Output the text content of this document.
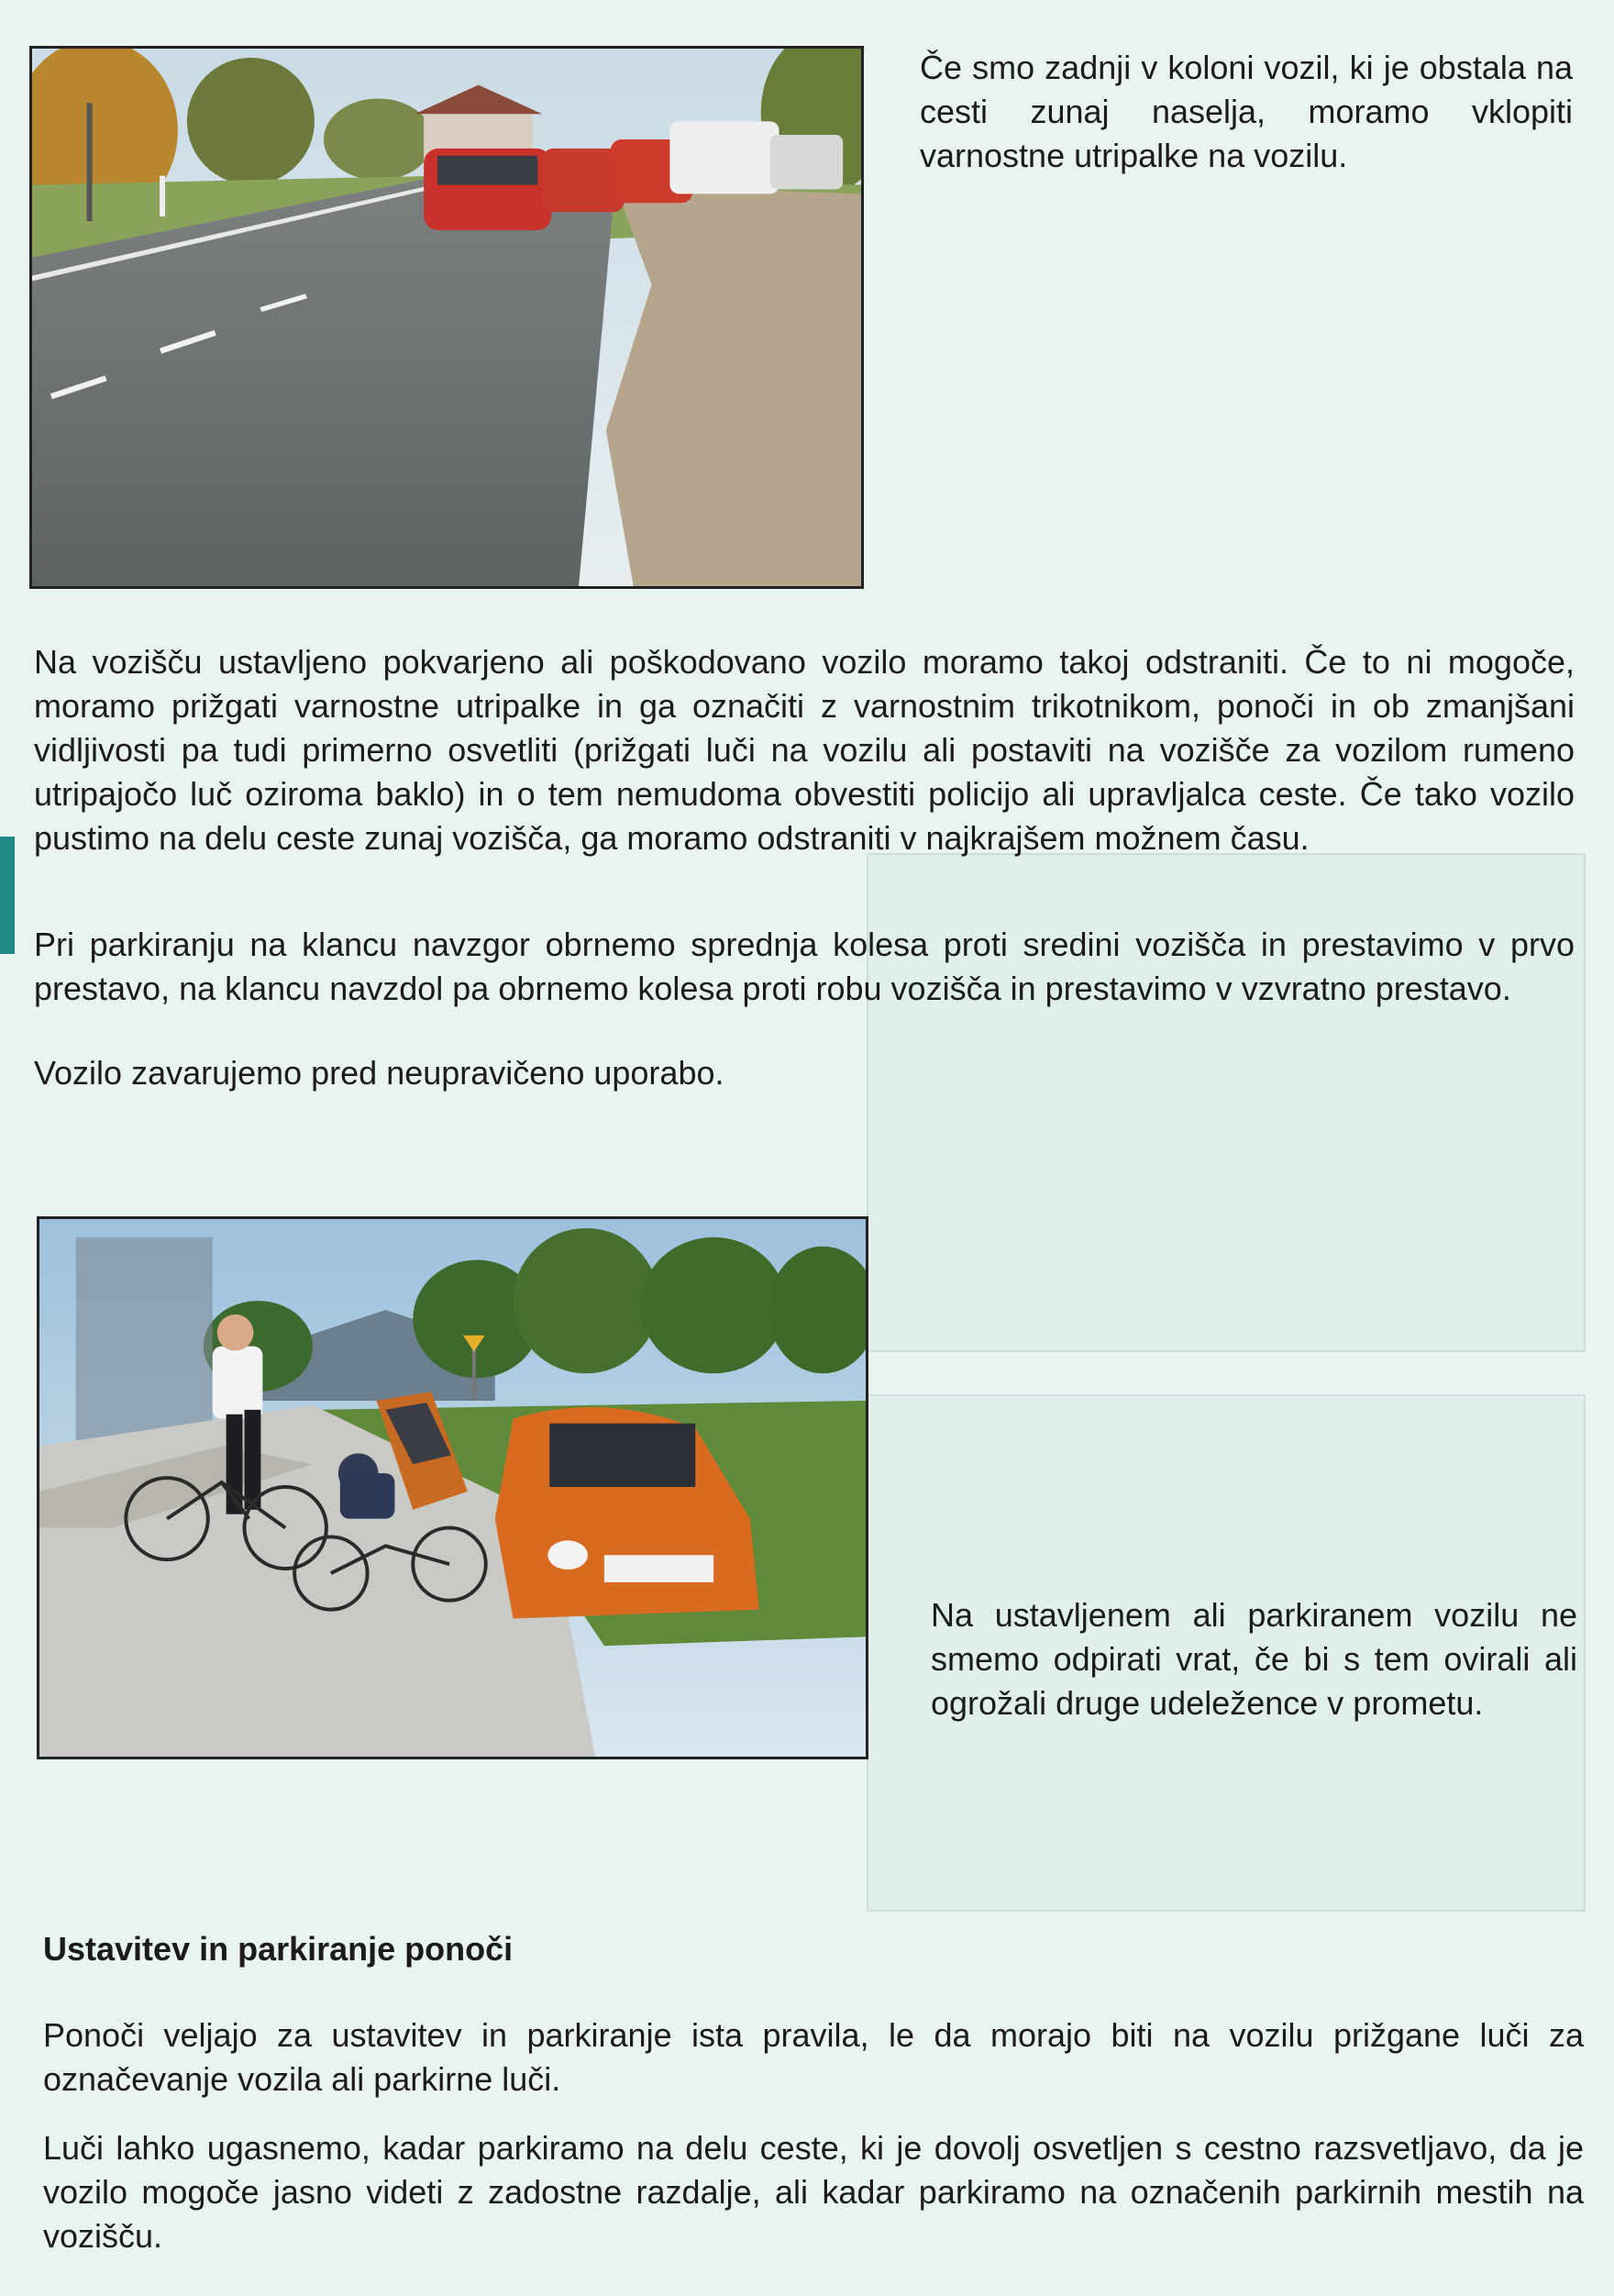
Če smo zadnji v koloni vozil, ki je obstala na cesti zunaj naselja, moramo vklopiti varnostne utripalke na vozilu.

Na vozišču ustavljeno pokvarjeno ali poškodovano vozilo moramo takoj odstraniti. Če to ni mogoče, moramo prižgati varnostne utripalke in ga označiti z varnostnim trikotnikom, ponoči in ob zmanjšani vidljivosti pa tudi primerno osvetliti (prižgati luči na vozilu ali postaviti na vozišče za vozilom rumeno utripajočo luč oziroma baklo) in o tem nemudoma obvestiti policijo ali upravljalca ceste. Če tako vozilo pustimo na delu ceste zunaj vozišča, ga moramo odstraniti v najkrajšem možnem času.

Pri parkiranju na klancu navzgor obrnemo sprednja kolesa proti sredini vozišča in prestavimo v prvo prestavo, na klancu navzdol pa obrnemo kolesa proti robu vozišča in prestavimo v vzvratno prestavo.

Vozilo zavarujemo pred neupravičeno uporabo.

Na ustavljenem ali parkiranem vozilu ne smemo odpirati vrat, če bi s tem ovirali ali ogrožali druge udeležence v prometu.

Ustavitev in parkiranje ponoči

Ponoči veljajo za ustavitev in parkiranje ista pravila, le da morajo biti na vozilu prižgane luči za označevanje vozila ali parkirne luči.

Luči lahko ugasnemo, kadar parkiramo na delu ceste, ki je dovolj osvetljen s cestno razsvetljavo, da je vozilo mogoče jasno videti z zadostne razdalje, ali kadar parkiramo na označenih parkirnih mestih na vozišču.
